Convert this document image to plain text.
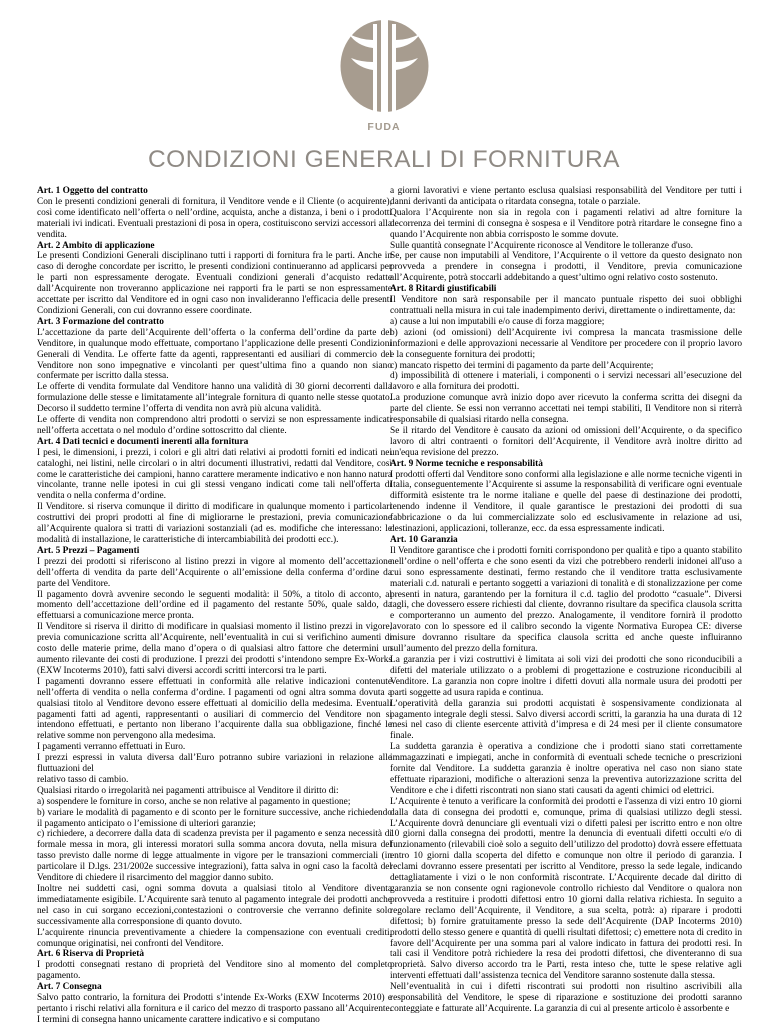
FUDA
CONDIZIONI GENERALI DI FORNITURA
Art. 1 Oggetto del contratto

Con le presenti condizioni generali di fornitura, il Venditore vende e il Cliente (o acquirente), così come identificato nell’offerta o nell’ordine, acquista, anche a distanza, i beni o i prodotti materiali ivi indicati. Eventuali prestazioni di posa in opera, costituiscono servizi accessori alla vendita.

Art. 2 Ambito di applicazione

Le presenti Condizioni Generali disciplinano tutti i rapporti di fornitura fra le parti. Anche in caso di deroghe concordate per iscritto, le presenti condizioni continueranno ad applicarsi per le parti non espressamente derogate. Eventuali condizioni generali d’acquisto redatte dall’Acquirente non troveranno applicazione nei rapporti fra le parti se non espressamente accettate per iscritto dal Venditore ed in ogni caso non invalideranno l'efficacia delle presenti Condizioni Generali, con cui dovranno essere coordinate.

Art. 3 Formazione del contratto

L’accettazione da parte dell’Acquirente dell’offerta o la conferma dell’ordine da parte del Venditore, in qualunque modo effettuate, comportano l’applicazione delle presenti Condizioni Generali di Vendita. Le offerte fatte da agenti, rappresentanti ed ausiliari di commercio del Venditore non sono impegnative e vincolanti per quest’ultima fino a quando non siano confermate per iscritto dalla stessa.

Le offerte di vendita formulate dal Venditore hanno una validità di 30 giorni decorrenti dalla formulazione delle stesse e limitatamente all’integrale fornitura di quanto nelle stesse quotato. Decorso il suddetto termine l’offerta di vendita non avrà più alcuna validità.

Le offerte di vendita non comprendono altri prodotti o servizi se non espressamente indicati nell’offerta accettata o nel modulo d’ordine sottoscritto dal cliente.

Art. 4 Dati tecnici e documenti inerenti alla fornitura

I pesi, le dimensioni, i prezzi, i colori e gli altri dati relativi ai prodotti forniti ed indicati nei cataloghi, nei listini, nelle circolari o in altri documenti illustrativi, redatti dal Venditore, così come le caratteristiche dei campioni, hanno carattere meramente indicativo e non hanno natura vincolante, tranne nelle ipotesi in cui gli stessi vengano indicati come tali nell'offerta di vendita o nella conferma d’ordine.

Il Venditore. si riserva comunque il diritto di modificare in qualunque momento i particolari costruttivi dei propri prodotti al fine di migliorarne le prestazioni, previa comunicazione all’Acquirente qualora si tratti di variazioni sostanziali (ad es. modifiche che interessano: le modalità di installazione, le caratteristiche di intercambiabilità dei prodotti ecc.).

Art. 5 Prezzi – Pagamenti

I prezzi dei prodotti si riferiscono al listino prezzi in vigore al momento dell’accettazione dell’offerta di vendita da parte dell’Acquirente o all’emissione della conferma d’ordine da parte del Venditore.

Il pagamento dovrà avvenire secondo le seguenti modalità: il 50%, a titolo di acconto, al momento dell’accettazione dell’ordine ed il pagamento del restante 50%, quale saldo, da effettuarsi a comunicazione merce pronta.

Il Venditore si riserva il diritto di modificare in qualsiasi momento il listino prezzi in vigore, previa comunicazione scritta all’Acquirente, nell’eventualità in cui si verifichino aumenti di costo delle materie prime, della mano d’opera o di qualsiasi altro fattore che determini un aumento rilevante dei costi di produzione. I prezzi dei prodotti s’intendono sempre Ex-Works (EXW Incoterms 2010), fatti salvi diversi accordi scritti intercorsi tra le parti.

I pagamenti dovranno essere effettuati in conformità alle relative indicazioni contenute nell’offerta di vendita o nella conferma d’ordine. I pagamenti od ogni altra somma dovuta a qualsiasi titolo al Venditore devono essere effettuati al domicilio della medesima. Eventuali pagamenti fatti ad agenti, rappresentanti o ausiliari di commercio del Venditore non si intendono effettuati, e pertanto non liberano l’acquirente dalla sua obbligazione, finché le relative somme non pervengono alla medesima.

I pagamenti verranno effettuati in Euro.

I prezzi espressi in valuta diversa dall’Euro potranno subire variazioni in relazione alle fluttuazioni del

relativo tasso di cambio.

Qualsiasi ritardo o irregolarità nei pagamenti attribuisce al Venditore il diritto di:

a) sospendere le forniture in corso, anche se non relative al pagamento in questione;

b) variare le modalità di pagamento e di sconto per le forniture successive, anche richiedendo il pagamento anticipato o l’emissione di ulteriori garanzie;

c) richiedere, a decorrere dalla data di scadenza prevista per il pagamento e senza necessità di formale messa in mora, gli interessi moratori sulla somma ancora dovuta, nella misura del tasso previsto dalle norme di legge attualmente in vigore per le transazioni commerciali (in particolare il D.lgs. 231/2002e successive integrazioni), fatta salva in ogni caso la facoltà del Venditore di chiedere il risarcimento del maggior danno subito.

Inoltre nei suddetti casi, ogni somma dovuta a qualsiasi titolo al Venditore diventa immediatamente esigibile. L’Acquirente sarà tenuto al pagamento integrale dei prodotti anche nel caso in cui sorgano eccezioni,contestazioni o controversie che verranno definite solo successivamente alla corresponsione di quanto dovuto.

L’acquirente rinuncia preventivamente a chiedere la compensazione con eventuali crediti, comunque originatisi, nei confronti del Venditore.

Art. 6 Riserva di Proprietà

I prodotti consegnati restano di proprietà del Venditore sino al momento del completo pagamento.

Art. 7 Consegna

Salvo patto contrario, la fornitura dei Prodotti s’intende Ex-Works (EXW Incoterms 2010) e pertanto i rischi relativi alla fornitura e il carico del mezzo di trasporto passano all’Acquirente. I termini di consegna hanno unicamente carattere indicativo e si computano

a giorni lavorativi e viene pertanto esclusa qualsiasi responsabilità del Venditore per tutti i danni derivanti da anticipata o ritardata consegna, totale o parziale.

Qualora l’Acquirente non sia in regola con i pagamenti relativi ad altre forniture la decorrenza dei termini di consegna è sospesa e il Venditore potrà ritardare le consegne fino a quando l’Acquirente non abbia corrisposto le somme dovute.

Sulle quantità consegnate l’Acquirente riconosce al Venditore le tolleranze d'uso.

Se, per cause non imputabili al Venditore, l’Acquirente o il vettore da questo designato non provveda a prendere in consegna i prodotti, il Venditore, previa comunicazione all’Acquirente, potrà stoccarli addebitando a quest’ultimo ogni relativo costo sostenuto.

Art. 8 Ritardi giustificabili

Il Venditore non sarà responsabile per il mancato puntuale rispetto dei suoi obblighi contrattuali nella misura in cui tale inadempimento derivi, direttamente o indirettamente, da:

a) cause a lui non imputabili e/o cause di forza maggiore;

b) azioni (od omissioni) dell’Acquirente ivi compresa la mancata trasmissione delle informazioni e delle approvazioni necessarie al Venditore per procedere con il proprio lavoro e la conseguente fornitura dei prodotti;

c) mancato rispetto dei termini di pagamento da parte dell’Acquirente;

d) impossibilità di ottenere i materiali, i componenti o i servizi necessari all’esecuzione del lavoro e alla fornitura dei prodotti.

La produzione comunque avrà inizio dopo aver ricevuto la conferma scritta dei disegni da parte del cliente. Se essi non verranno accettati nei tempi stabiliti, Il Venditore non si riterrà responsabile di qualsiasi ritardo nella consegna.

Se il ritardo del Venditore è causato da azioni od omissioni dell’Acquirente, o da specifico lavoro di altri contraenti o fornitori dell’Acquirente, il Venditore avrà inoltre diritto ad un'equa revisione del prezzo.

Art. 9 Norme tecniche e responsabilità

I prodotti offerti dal Venditore sono conformi alla legislazione e alle norme tecniche vigenti in Italia, conseguentemente l’Acquirente si assume la responsabilità di verificare ogni eventuale difformità esistente tra le norme italiane e quelle del paese di destinazione dei prodotti, tenendo indenne il Venditore, il quale garantisce le prestazioni dei prodotti di sua fabbricazione o da lui commercializzate solo ed esclusivamente in relazione ad usi, destinazioni, applicazioni, tolleranze, ecc. da essa espressamente indicati.

Art. 10 Garanzia

Il Venditore garantisce che i prodotti forniti corrispondono per qualità e tipo a quanto stabilito nell’ordine o nell’offerta e che sono esenti da vizi che potrebbero renderli inidonei all'uso a cui sono espressamente destinati, fermo restando che il venditore tratta esclusivamente materiali c.d. naturali e pertanto soggetti a variazioni di tonalità e di stonalizzazione per come presenti in natura, garantendo per la fornitura il c.d. taglio del prodotto “casuale”. Diversi tagli, che dovessero essere richiesti dal cliente, dovranno risultare da specifica clausola scritta e comporteranno un aumento del prezzo. Analogamente, il venditore fornirà il prodotto lavorato con lo spessore ed il calibro secondo la vigente Normativa Europea CE: diverse misure dovranno risultare da specifica clausola scritta ed anche queste influiranno sull’aumento del prezzo della fornitura.

La garanzia per i vizi costruttivi è limitata ai soli vizi dei prodotti che sono riconducibili a difetti del materiale utilizzato o a problemi di progettazione e costruzione riconducibili al Venditore. La garanzia non copre inoltre i difetti dovuti alla normale usura dei prodotti per parti soggette ad usura rapida e continua.

L’operatività della garanzia sui prodotti acquistati è sospensivamente condizionata al pagamento integrale degli stessi. Salvo diversi accordi scritti, la garanzia ha una durata di 12 mesi nel caso di cliente esercente attività d’impresa e di 24 mesi per il cliente consumatore finale.

La suddetta garanzia è operativa a condizione che i prodotti siano stati correttamente immagazzinati e impiegati, anche in conformità di eventuali schede tecniche o prescrizioni fornite dal Venditore. La suddetta garanzia è inoltre operativa nel caso non siano state effettuate riparazioni, modifiche o alterazioni senza la preventiva autorizzazione scritta del Venditore e che i difetti riscontrati non siano stati causati da agenti chimici od elettrici.

L’Acquirente è tenuto a verificare la conformità dei prodotti e l'assenza di vizi entro 10 giorni dalla data di consegna dei prodotti e, comunque, prima di qualsiasi utilizzo degli stessi. L’Acquirente dovrà denunciare gli eventuali vizi o difetti palesi per iscritto entro e non oltre 10 giorni dalla consegna dei prodotti, mentre la denuncia di eventuali difetti occulti e/o di funzionamento (rilevabili cioè solo a seguito dell’utilizzo del prodotto) dovrà essere effettuata entro 10 giorni dalla scoperta del difetto e comunque non oltre il periodo di garanzia. I reclami dovranno essere presentati per iscritto al Venditore, presso la sede legale, indicando dettagliatamente i vizi o le non conformità riscontrate. L’Acquirente decade dal diritto di garanzia se non consente ogni ragionevole controllo richiesto dal Venditore o qualora non provveda a restituire i prodotti difettosi entro 10 giorni dalla relativa richiesta. In seguito a regolare reclamo dell’Acquirente, il Venditore, a sua scelta, potrà: a) riparare i prodotti difettosi; b) fornire gratuitamente presso la sede dell’Acquirente (DAP Incoterms 2010) prodotti dello stesso genere e quantità di quelli risultati difettosi; c) emettere nota di credito in favore dell’Acquirente per una somma pari al valore indicato in fattura dei prodotti resi. In tali casi il Venditore potrà richiedere la resa dei prodotti difettosi, che diventeranno di sua proprietà. Salvo diverso accordo tra le Parti, resta inteso che, tutte le spese relative agli interventi effettuati dall’assistenza tecnica del Venditore saranno sostenute dalla stessa.

Nell’eventualità in cui i difetti riscontrati sui prodotti non risultino ascrivibili alla responsabilità del Venditore, le spese di riparazione e sostituzione dei prodotti saranno conteggiate e fatturate all’Acquirente. La garanzia di cui al presente articolo è assorbente e
